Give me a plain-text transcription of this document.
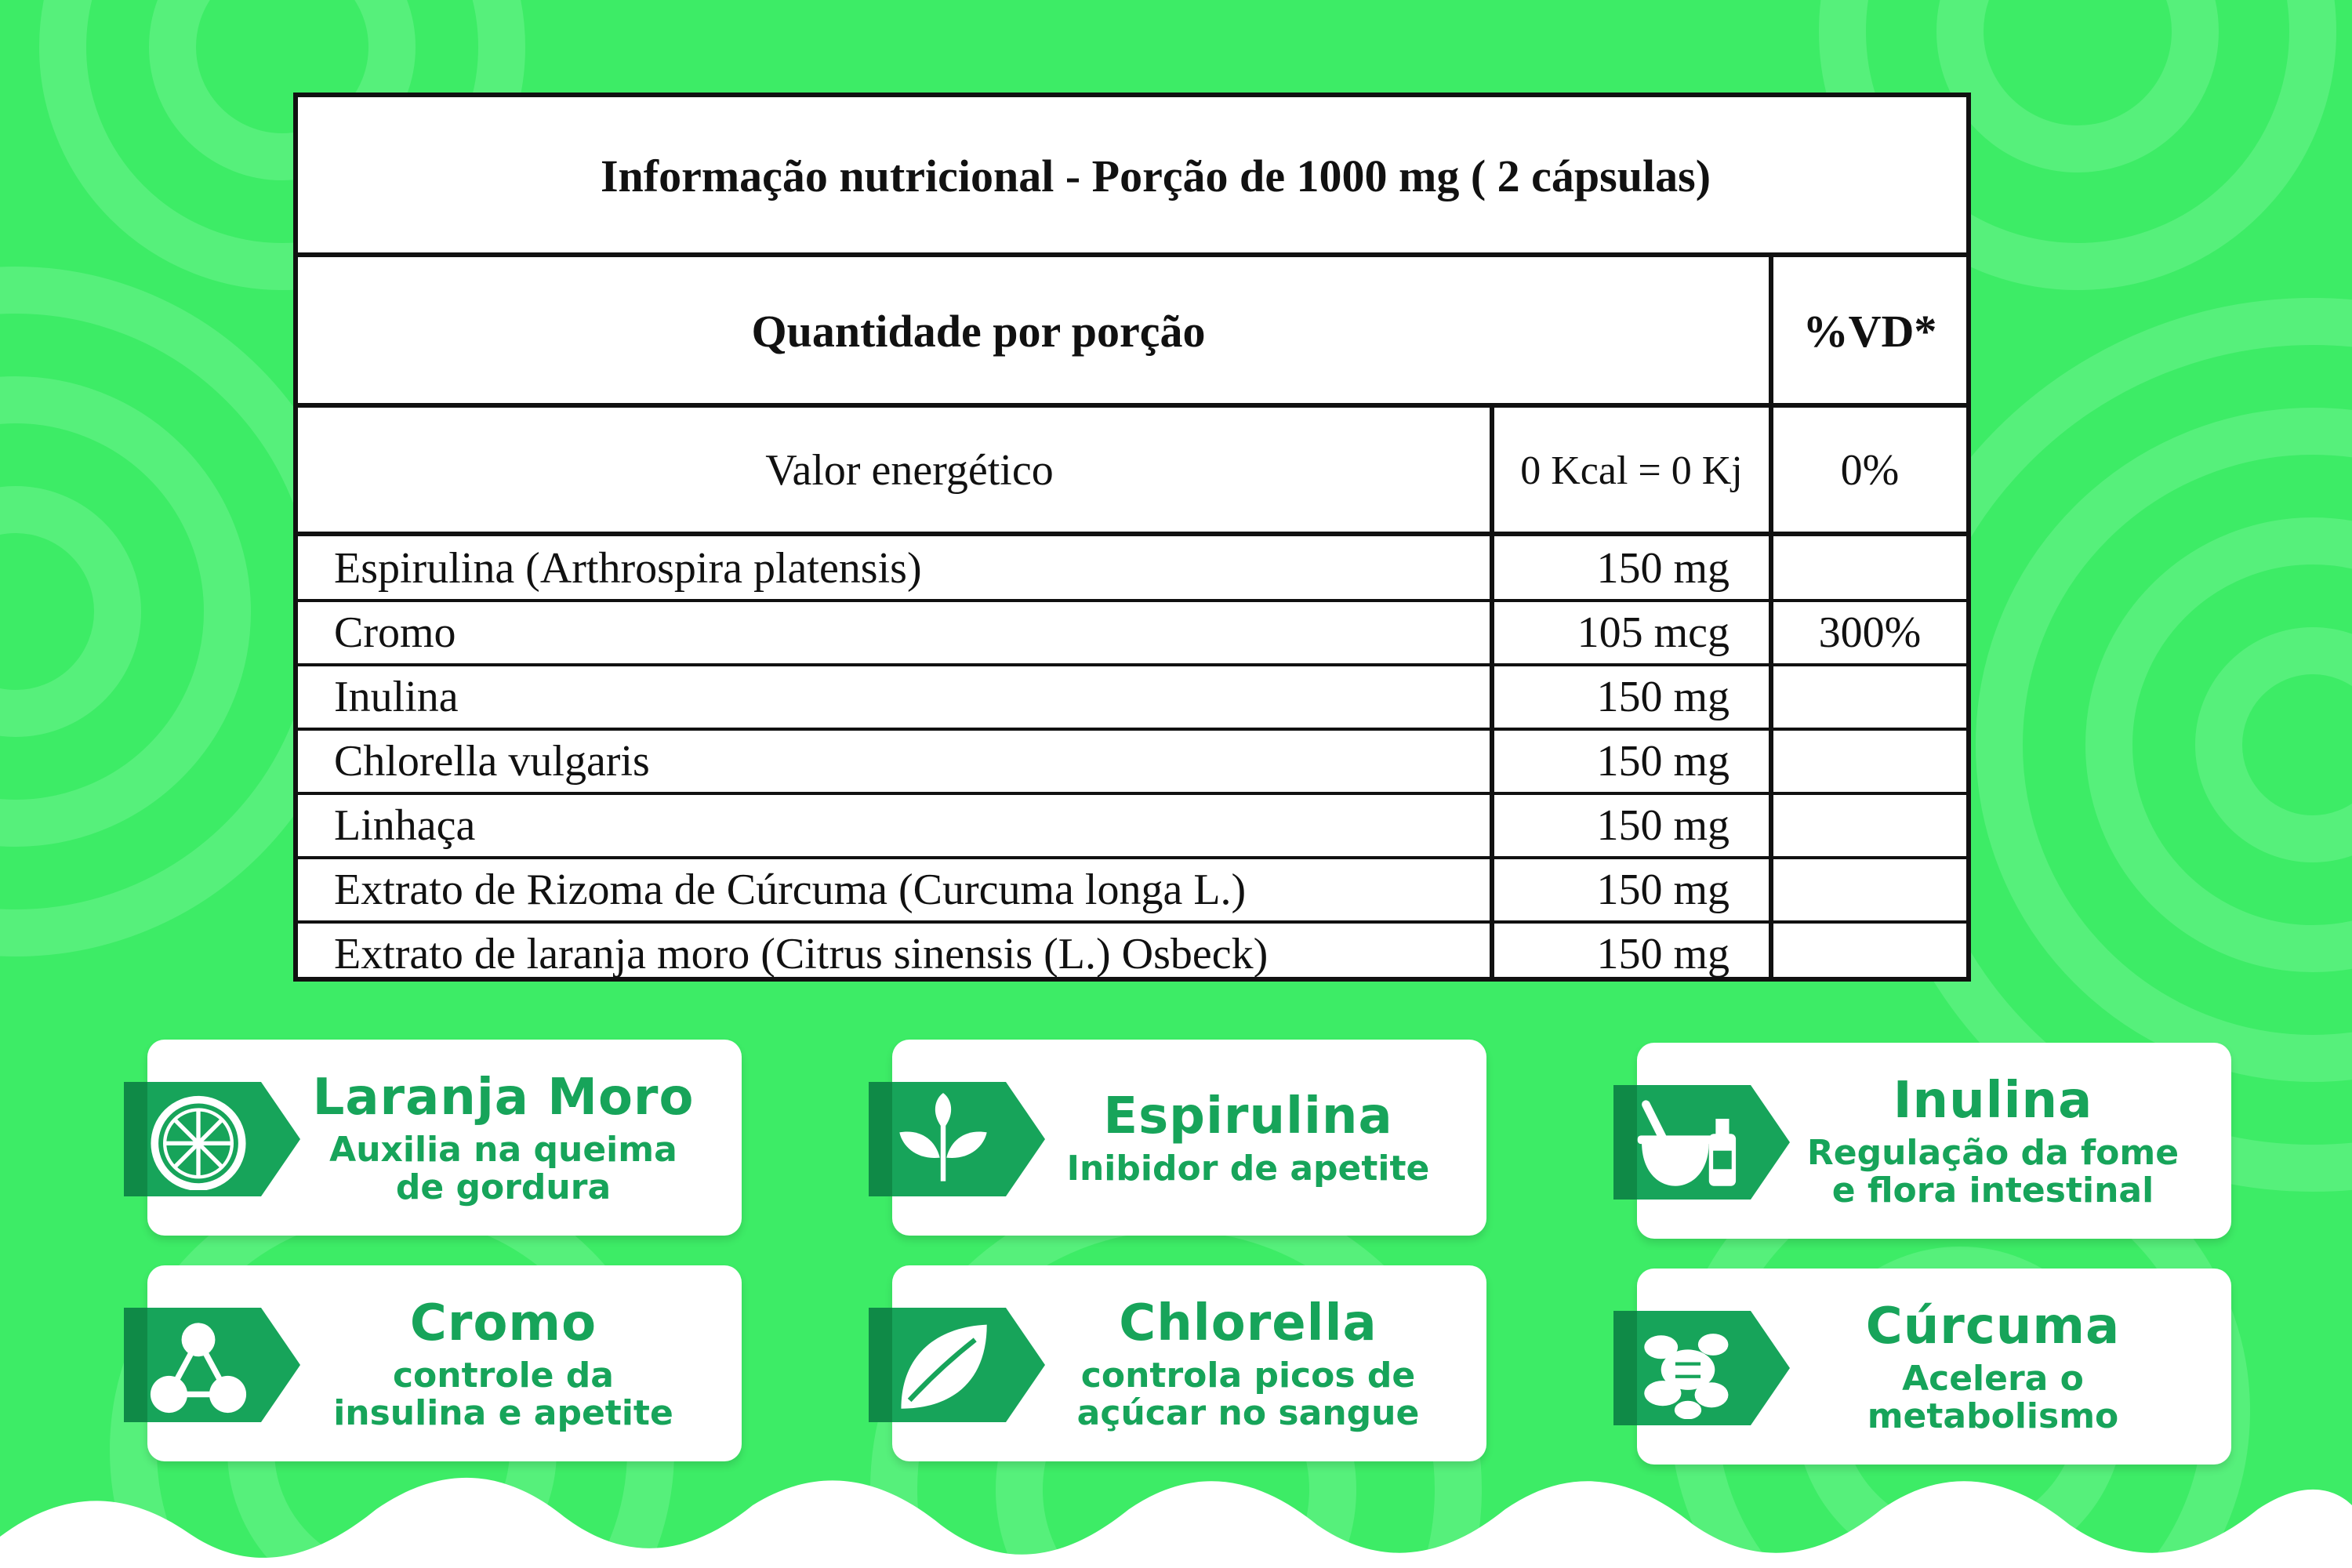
Informação nutricional - Porção de 1000 mg ( 2 cápsulas)
Quantidade por porção	%VD*
Valor energético	0 Kcal = 0 Kj	0%
Espirulina (Arthrospira platensis)	150 mg
Cromo	105 mcg	300%
Inulina	150 mg
Chlorella vulgaris	150 mg
Linhaça	150 mg
Extrato de Rizoma de Cúrcuma (Curcuma longa L.)	150 mg
Extrato de laranja moro (Citrus sinensis (L.) Osbeck)	150 mg
Laranja Moro
Auxilia na queima
de gordura
Espirulina
Inibidor de apetite
Inulina
Regulação da fome
e flora intestinal
Cromo
controle da
insulina e apetite
Chlorella
controla picos de
açúcar no sangue
Cúrcuma
Acelera o
metabolismo
